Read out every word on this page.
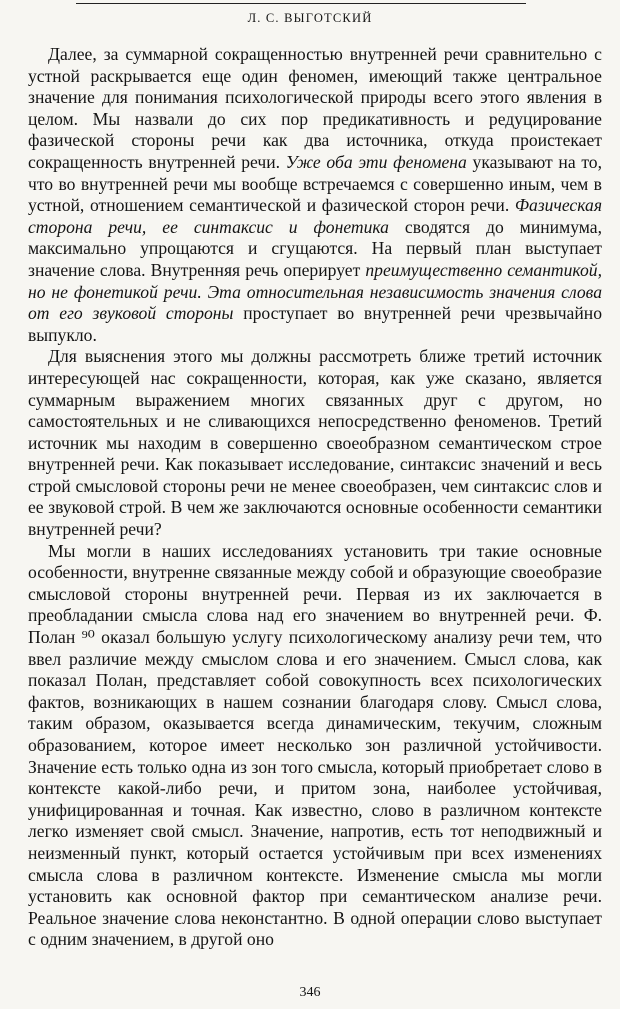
Л. С. ВЫГОТСКИЙ

Далее, за суммарной сокращенностью внутренней речи сравнительно с устной раскрывается еще один феномен, имеющий также центральное значение для понимания психологической природы всего этого явления в целом. Мы назвали до сих пор предикативность и редуцирование фазической стороны речи как два источника, откуда проистекает сокращенность внутренней речи. Уже оба эти феномена указывают на то, что во внутренней речи мы вообще встречаемся с совершенно иным, чем в устной, отношением семантической и фазической сторон речи. Фазическая сторона речи, ее синтаксис и фонетика сводятся до минимума, максимально упрощаются и сгущаются. На первый план выступает значение слова. Внутренняя речь оперирует преимущественно семантикой, но не фонетикой речи. Эта относительная независимость значения слова от его звуковой стороны проступает во внутренней речи чрезвычайно выпукло.

Для выяснения этого мы должны рассмотреть ближе третий источник интересующей нас сокращенности, которая, как уже сказано, является суммарным выражением многих связанных друг с другом, но самостоятельных и не сливающихся непосредственно феноменов. Третий источник мы находим в совершенно своеобразном семантическом строе внутренней речи. Как показывает исследование, синтаксис значений и весь строй смысловой стороны речи не менее своеобразен, чем синтаксис слов и ее звуковой строй. В чем же заключаются основные особенности семантики внутренней речи?

Мы могли в наших исследованиях установить три такие основные особенности, внутренне связанные между собой и образующие своеобразие смысловой стороны внутренней речи. Первая из их заключается в преобладании смысла слова над его значением во внутренней речи. Ф. Полан ⁹⁰ оказал большую услугу психологическому анализу речи тем, что ввел различие между смыслом слова и его значением. Смысл слова, как показал Полан, представляет собой совокупность всех психологических фактов, возникающих в нашем сознании благодаря слову. Смысл слова, таким образом, оказывается всегда динамическим, текучим, сложным образованием, которое имеет несколько зон различной устойчивости. Значение есть только одна из зон того смысла, который приобретает слово в контексте какой-либо речи, и притом зона, наиболее устойчивая, унифицированная и точная. Как известно, слово в различном контексте легко изменяет свой смысл. Значение, напротив, есть тот неподвижный и неизменный пункт, который остается устойчивым при всех изменениях смысла слова в различном контексте. Изменение смысла мы могли установить как основной фактор при семантическом анализе речи. Реальное значение слова неконстантно. В одной операции слово выступает с одним значением, в другой оно

346
